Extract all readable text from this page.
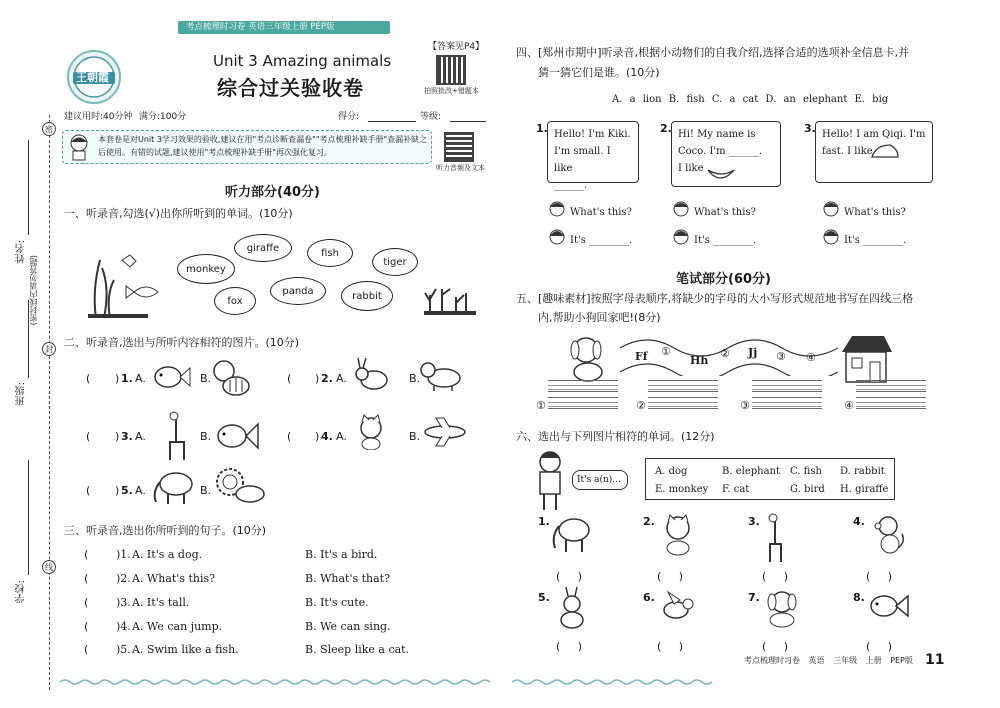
考点梳理时习卷 英语三年级上册 PEP版
王朝霞
Unit 3 Amazing animals
综合过关验收卷
【答案见P4】
拍照批改+错题本
建议用时:40分钟 满分:100分	得分:	等级:
本套卷是对Unit 3学习效果的验收,建议在用"考点诊断查漏卷""考点梳理补缺手册"查漏补缺之后使用。有错的试题,建议使用"考点梳理补缺手册"再次强化复习。
听力音频及文本
密
封
线
(密封线内请勿答题)
姓名:
班级:
学校:
听力部分(40分)
一、听录音,勾选(√)出你所听到的单词。(10分)
giraffe	fish
monkey
tiger
fox
panda	rabbit
二、听录音,选出与所听内容相符的图片。(10分)
( ) 1. A.	B.	( ) 2. A.	B.
( ) 3. A.	B.	( ) 4. A.	B.
( ) 5. A.	B.
三、听录音,选出你所听到的句子。(10分)
(	)1. A. It's a dog.	B. It's a bird.
(	)2. A. What's this?	B. What's that?
(	)3. A. It's tall.	B. It's cute.
(	)4. A. We can jump.	B. We can sing.
(	)5. A. Swim like a fish.	B. Sleep like a cat.
四、[郑州市期中]听录音,根据小动物们的自我介绍,选择合适的选项补全信息卡,并
猜一猜它们是谁。(10分)
A. a lion B. fish C. a cat D. an elephant E. big
Hello! I'm Kiki.
I'm small. I like
______.
1.	Hi! My name is
Coco. I'm ______.
I like
2.	Hello! I am Qiqi. I'm
fast. I like
3.
What's this?
It's ________.
What's this?
It's ________.
What's this?
It's ________.
笔试部分(60分)
五、[趣味素材]按照字母表顺序,将缺少的字母的大小写形式规范地书写在四线三格
内,帮助小狗回家吧!(8分)
Ff ①
Hh
② Jj ③ ④
①	②	③	④
六、选出与下列图片相符的单词。(12分)
It's a(n)...
A. dog	B. elephant C. fish D. rabbit
E. monkey F. cat	G. bird H. giraffe
1.
(     )
2.
(     )
3.
(     )
4.
(     )
5.
(     )
6.
(     )
7.
(     )
8.
(     )
考点梳理时习卷 英语 三年级 上册 PEP版 11
